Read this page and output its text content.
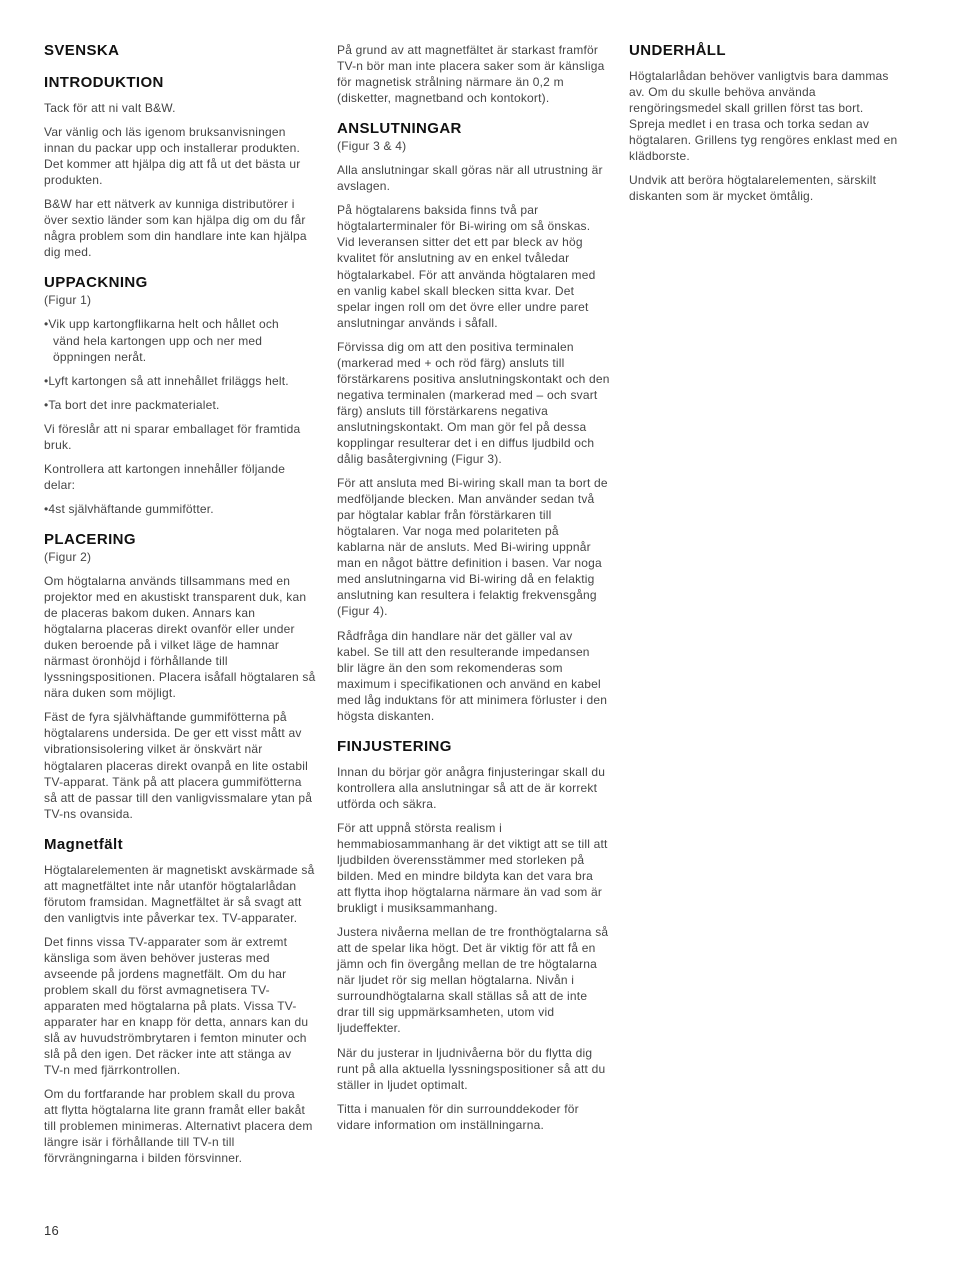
SVENSKA
INTRODUKTION

Tack för att ni valt B&W.

Var vänlig och läs igenom bruksanvisningen
innan du packar upp och installerar produkten.
Det kommer att hjälpa dig att få ut det bästa ur
produkten.

B&W har ett nätverk av kunniga distributörer i
över sextio länder som kan hjälpa dig om du får
några problem som din handlare inte kan hjälpa
dig med.

UPPACKNING
(Figur 1)

•Vik upp kartongflikarna helt och hållet och
vänd hela kartongen upp och ner med
öppningen neråt.

•Lyft kartongen så att innehållet friläggs helt.

•Ta bort det inre packmaterialet.

Vi föreslår att ni sparar emballaget för framtida
bruk.

Kontrollera att kartongen innehåller följande
delar:

•4st självhäftande gummifötter.

PLACERING
(Figur 2)

Om högtalarna används tillsammans med en
projektor med en akustiskt transparent duk, kan
de placeras bakom duken. Annars kan
högtalarna placeras direkt ovanför eller under
duken beroende på i vilket läge de hamnar
närmast öronhöjd i förhållande till
lyssningspositionen. Placera isåfall högtalaren så
nära duken som möjligt.

Fäst de fyra självhäftande gummifötterna på
högtalarens undersida. De ger ett visst mått av
vibrationsisolering vilket är önskvärt när
högtalaren placeras direkt ovanpå en lite ostabil
TV-apparat. Tänk på att placera gummifötterna
så att de passar till den vanligvissmalare ytan på
TV-ns ovansida.

Magnetfält

Högtalarelementen är magnetiskt avskärmade så
att magnetfältet inte når utanför högtalarlådan
förutom framsidan. Magnetfältet är så svagt att
den vanligtvis inte påverkar tex. TV-apparater.

Det finns vissa TV-apparater som är extremt
känsliga som även behöver justeras med
avseende på jordens magnetfält. Om du har
problem skall du först avmagnetisera TV-
apparaten med högtalarna på plats. Vissa TV-
apparater har en knapp för detta, annars kan du
slå av huvudströmbrytaren i femton minuter och
slå på den igen. Det räcker inte att stänga av
TV-n med fjärrkontrollen.

Om du fortfarande har problem skall du prova
att flytta högtalarna lite grann framåt eller bakåt
till problemen minimeras. Alternativt placera dem
längre isär i förhållande till TV-n till
förvrängningarna i bilden försvinner.

På grund av att magnetfältet är starkast framför
TV-n bör man inte placera saker som är känsliga
för magnetisk strålning närmare än 0,2 m
(disketter, magnetband och kontokort).

ANSLUTNINGAR
(Figur 3 & 4)

Alla anslutningar skall göras när all utrustning är
avslagen.

På högtalarens baksida finns två par
högtalarterminaler för Bi-wiring om så önskas.
Vid leveransen sitter det ett par bleck av hög
kvalitet för anslutning av en enkel tvåledar
högtalarkabel. För att använda högtalaren med
en vanlig kabel skall blecken sitta kvar. Det
spelar ingen roll om det övre eller undre paret
anslutningar används i såfall.

Förvissa dig om att den positiva terminalen
(markerad med + och röd färg) ansluts till
förstärkarens positiva anslutningskontakt och den
negativa terminalen (markerad med – och svart
färg) ansluts till förstärkarens negativa
anslutningskontakt. Om man gör fel på dessa
kopplingar resulterar det i en diffus ljudbild och
dålig basåtergivning (Figur 3).

För att ansluta med Bi-wiring skall man ta bort de
medföljande blecken. Man använder sedan två
par högtalar kablar från förstärkaren till
högtalaren. Var noga med polariteten på
kablarna när de ansluts. Med Bi-wiring uppnår
man en något bättre definition i basen. Var noga
med anslutningarna vid Bi-wiring då en felaktig
anslutning kan resultera i felaktig frekvensgång
(Figur 4).

Rådfråga din handlare när det gäller val av
kabel. Se till att den resulterande impedansen
blir lägre än den som rekomenderas som
maximum i specifikationen och använd en kabel
med låg induktans för att minimera förluster i den
högsta diskanten.

FINJUSTERING

Innan du börjar gör anågra finjusteringar skall du
kontrollera alla anslutningar så att de är korrekt
utförda och säkra.

För att uppnå största realism i
hemmabiosammanhang är det viktigt att se till att
ljudbilden överensstämmer med storleken på
bilden. Med en mindre bildyta kan det vara bra
att flytta ihop högtalarna närmare än vad som är
brukligt i musiksammanhang.

Justera nivåerna mellan de tre fronthögtalarna så
att de spelar lika högt. Det är viktig för att få en
jämn och fin övergång mellan de tre högtalarna
när ljudet rör sig mellan högtalarna. Nivån i
surroundhögtalarna skall ställas så att de inte
drar till sig uppmärksamheten, utom vid
ljudeffekter.

När du justerar in ljudnivåerna bör du flytta dig
runt på alla aktuella lyssningspositioner så att du
ställer in ljudet optimalt.

Titta i manualen för din surrounddekoder för
vidare information om inställningarna.

UNDERHÅLL

Högtalarlådan behöver vanligtvis bara dammas
av. Om du skulle behöva använda
rengöringsmedel skall grillen först tas bort.
Spreja medlet i en trasa och torka sedan av
högtalaren. Grillens tyg rengöres enklast med en
klädborste.

Undvik att beröra högtalarelementen, särskilt
diskanten som är mycket ömtålig.

16
